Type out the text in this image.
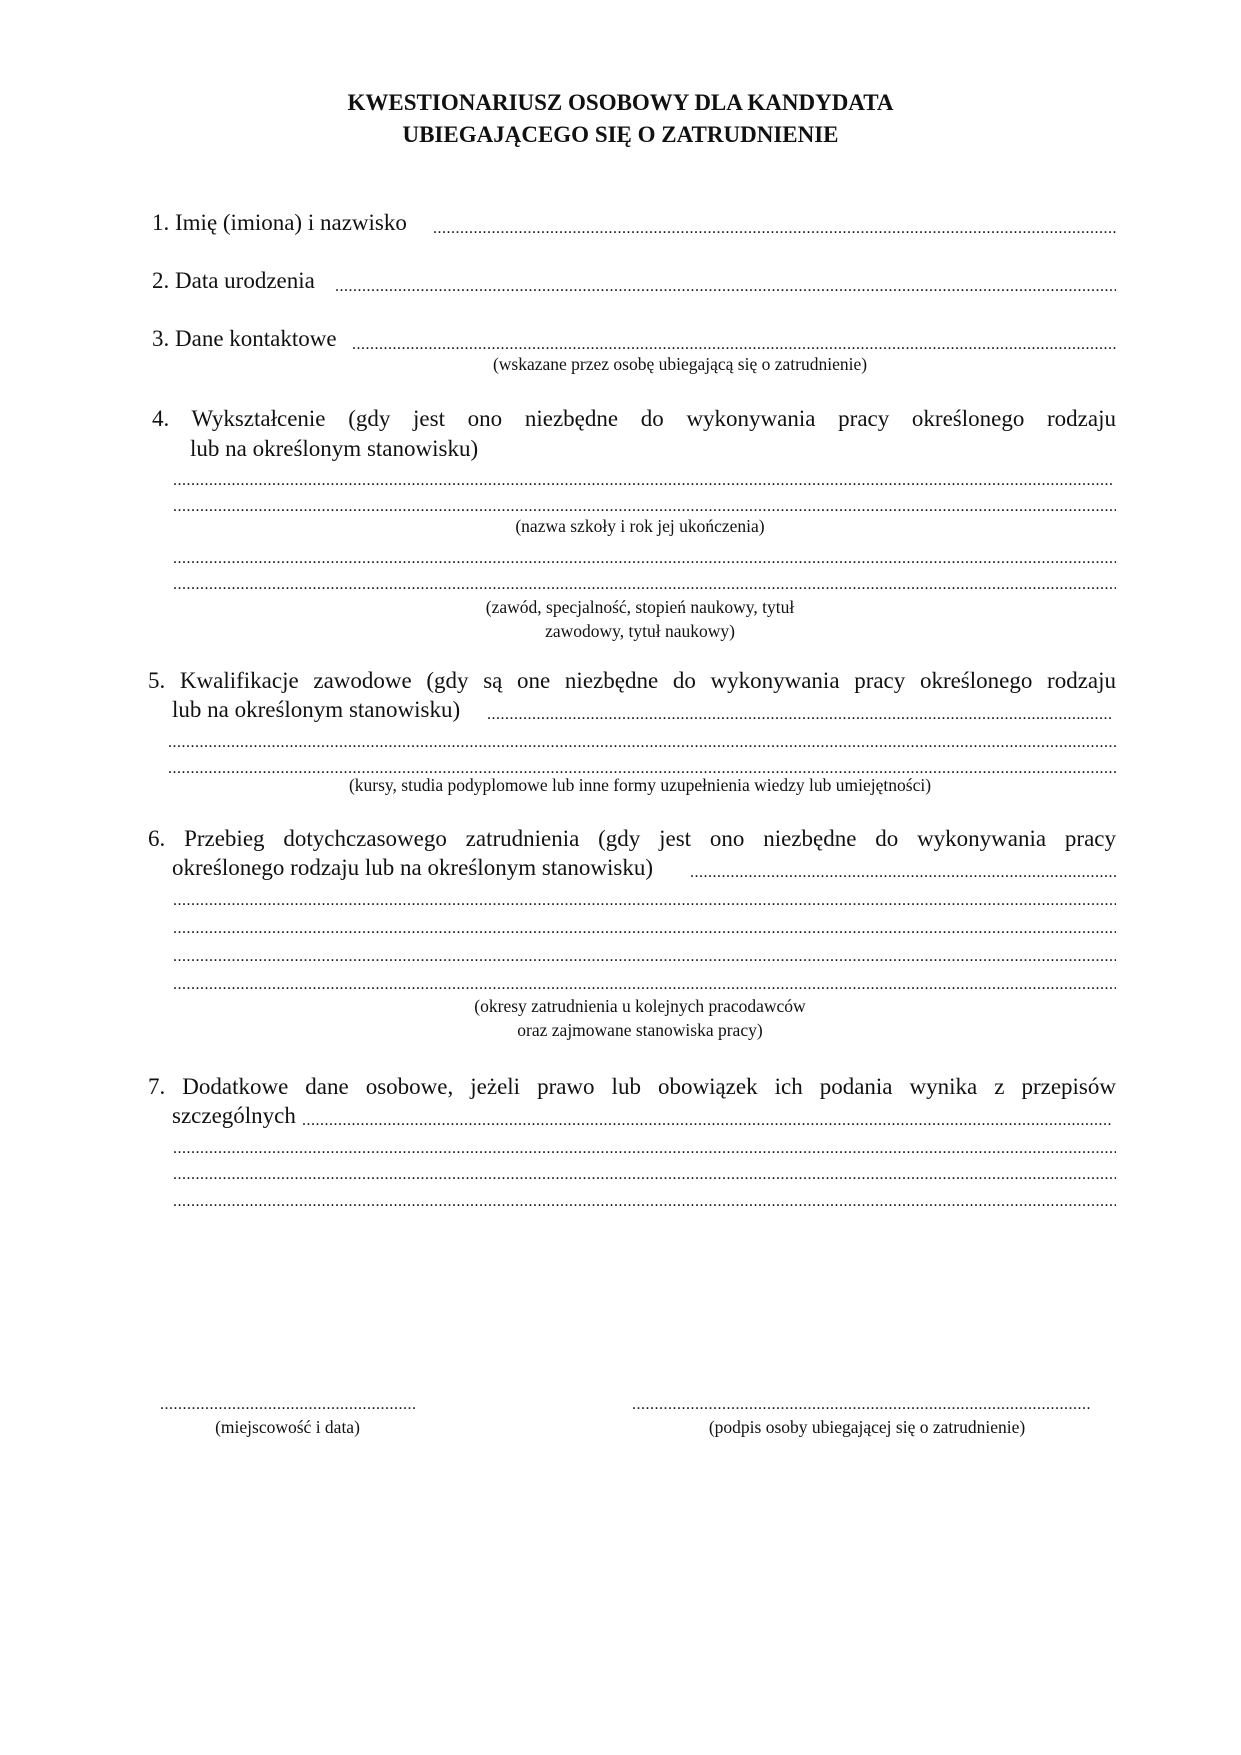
KWESTIONARIUSZ OSOBOWY DLA KANDYDATA
UBIEGAJĄCEGO SIĘ O ZATRUDNIENIE
1. Imię (imiona) i nazwisko
.....
2. Data urodzenia
.....
3. Dane kontaktowe
.....
(wskazane przez osobę ubiegającą się o zatrudnienie)
4. Wykształcenie (gdy jest ono niezbędne do wykonywania pracy określonego rodzaju
lub na określonym stanowisku)
.....
.....
(nazwa szkoły i rok jej ukończenia)
.....
.....
(zawód, specjalność, stopień naukowy, tytuł
zawodowy, tytuł naukowy)
5. Kwalifikacje zawodowe (gdy są one niezbędne do wykonywania pracy określonego rodzaju
lub na określonym stanowisku)
.....
.....
.....
(kursy, studia podyplomowe lub inne formy uzupełnienia wiedzy lub umiejętności)
6. Przebieg dotychczasowego zatrudnienia (gdy jest ono niezbędne do wykonywania pracy
określonego rodzaju lub na określonym stanowisku)
.....
.....
.....
.....
.....
(okresy zatrudnienia u kolejnych pracodawców
oraz zajmowane stanowiska pracy)
7. Dodatkowe dane osobowe, jeżeli prawo lub obowiązek ich podania wynika z przepisów
szczególnych
.....
.....
.....
.....
.....
(miejscowość i data)
.....	(podpis osoby ubiegającej się o zatrudnienie)
